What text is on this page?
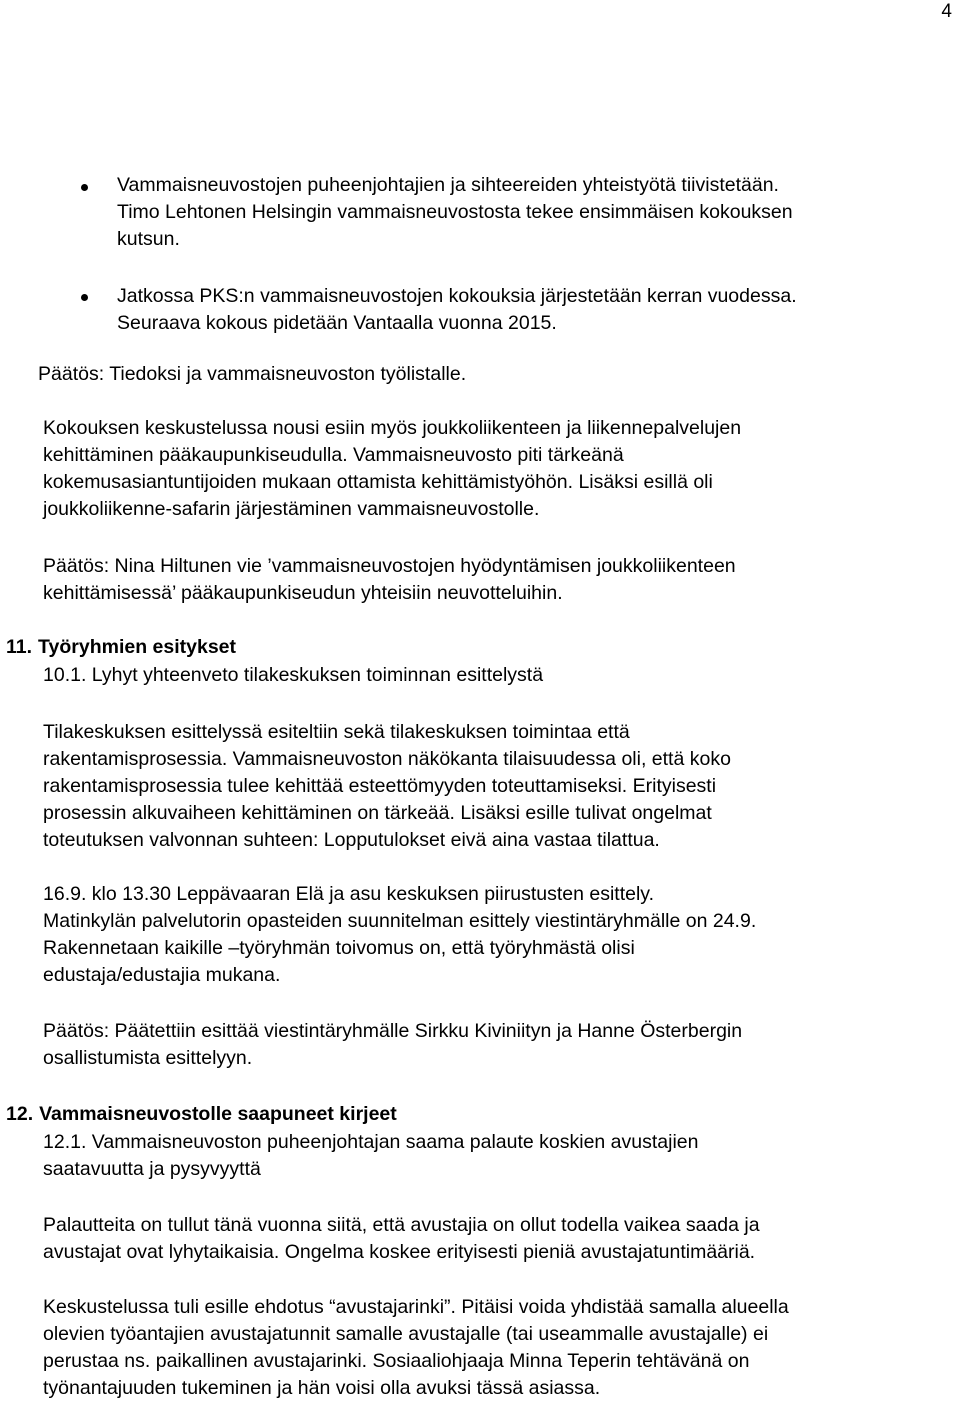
4
Vammaisneuvostojen puheenjohtajien ja sihteereiden yhteistyötä tiivistetään.
Timo Lehtonen Helsingin vammaisneuvostosta tekee ensimmäisen kokouksen
kutsun.
Jatkossa PKS:n vammaisneuvostojen kokouksia järjestetään kerran vuodessa.
Seuraava kokous pidetään Vantaalla vuonna 2015.
Päätös: Tiedoksi ja vammaisneuvoston työlistalle.
Kokouksen keskustelussa nousi esiin myös joukkoliikenteen ja liikennepalvelujen
kehittäminen pääkaupunkiseudulla. Vammaisneuvosto piti tärkeänä
kokemusasiantuntijoiden mukaan ottamista kehittämistyöhön. Lisäksi esillä oli
joukkoliikenne-safarin järjestäminen vammaisneuvostolle.
Päätös: Nina Hiltunen vie ’vammaisneuvostojen hyödyntämisen joukkoliikenteen
kehittämisessä’ pääkaupunkiseudun yhteisiin neuvotteluihin.
11. Työryhmien esitykset
10.1. Lyhyt yhteenveto tilakeskuksen toiminnan esittelystä
Tilakeskuksen esittelyssä esiteltiin sekä tilakeskuksen toimintaa että
rakentamisprosessia. Vammaisneuvoston näkökanta tilaisuudessa oli, että koko
rakentamisprosessia tulee kehittää esteettömyyden toteuttamiseksi. Erityisesti
prosessin alkuvaiheen kehittäminen on tärkeää. Lisäksi esille tulivat ongelmat
toteutuksen valvonnan suhteen: Lopputulokset eivä aina vastaa tilattua.
16.9. klo 13.30 Leppävaaran Elä ja asu keskuksen piirustusten esittely.
Matinkylän palvelutorin opasteiden suunnitelman esittely viestintäryhmälle on 24.9.
Rakennetaan kaikille –työryhmän toivomus on, että työryhmästä olisi
edustaja/edustajia mukana.
Päätös: Päätettiin esittää viestintäryhmälle Sirkku Kiviniityn ja Hanne Österbergin
osallistumista esittelyyn.
12. Vammaisneuvostolle saapuneet kirjeet
12.1. Vammaisneuvoston puheenjohtajan saama palaute koskien avustajien
saatavuutta ja pysyvyyttä
Palautteita on tullut tänä vuonna siitä, että avustajia on ollut todella vaikea saada ja
avustajat ovat lyhytaikaisia. Ongelma koskee erityisesti pieniä avustajatuntimääriä.
Keskustelussa tuli esille ehdotus “avustajarinki”. Pitäisi voida yhdistää samalla alueella
olevien työantajien avustajatunnit samalle avustajalle (tai useammalle avustajalle) ei
perustaa ns. paikallinen avustajarinki. Sosiaaliohjaaja Minna Teperin tehtävänä on
työnantajuuden tukeminen ja hän voisi olla avuksi tässä asiassa.
